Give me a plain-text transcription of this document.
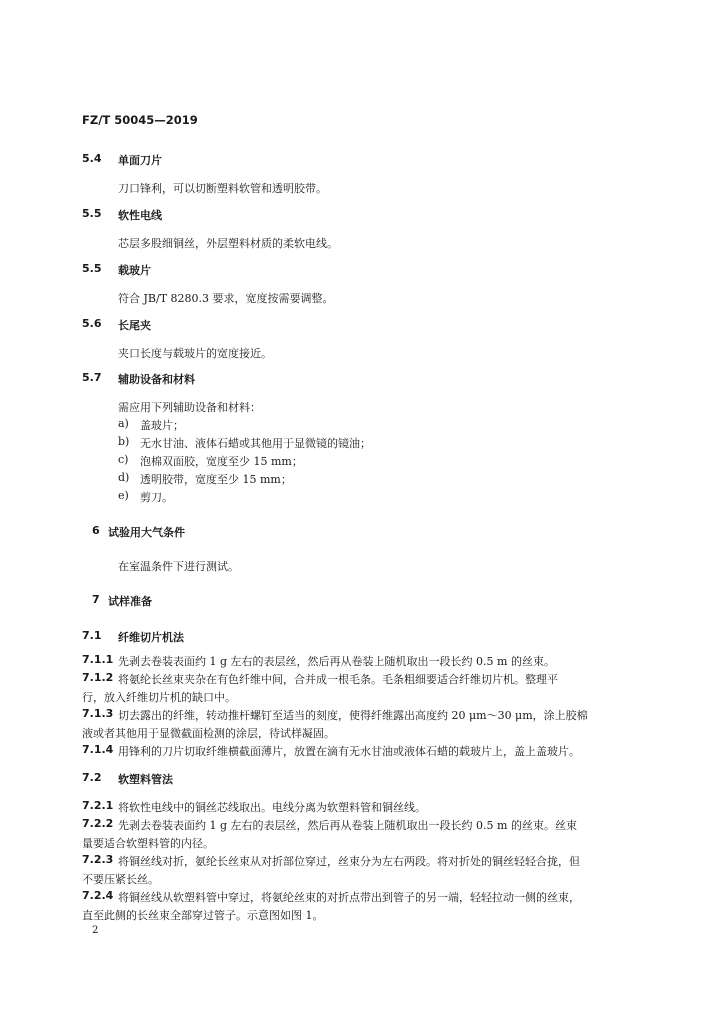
FZ/T 50045—2019
5.4 单面刀片
刀口锋利，可以切断塑料软管和透明胶带。
5.5 软性电线
芯层多股细铜丝，外层塑料材质的柔软电线。
5.5 载玻片
符合 JB/T 8280.3 要求，宽度按需要调整。
5.6 长尾夹
夹口长度与载玻片的宽度接近。
5.7 辅助设备和材料
需应用下列辅助设备和材料：
a) 盖玻片；
b) 无水甘油、液体石蜡或其他用于显微镜的镜油；
c) 泡棉双面胶，宽度至少 15 mm；
d) 透明胶带，宽度至少 15 mm；
e) 剪刀。
6 试验用大气条件
在室温条件下进行测试。
7 试样准备
7.1 纤维切片机法
7.1.1 先剥去卷装表面约 1 g 左右的表层丝，然后再从卷装上随机取出一段长约 0.5 m 的丝束。
7.1.2 将氨纶长丝束夹杂在有色纤维中间，合并成一根毛条。毛条粗细要适合纤维切片机。整理平
行，放入纤维切片机的缺口中。
7.1.3 切去露出的纤维，转动推杆螺钉至适当的刻度，使得纤维露出高度约 20 μm～30 μm，涂上胶棉
液或者其他用于显微截面检测的涂层，待试样凝固。
7.1.4 用锋利的刀片切取纤维横截面薄片，放置在滴有无水甘油或液体石蜡的载玻片上，盖上盖玻片。
7.2 软塑料管法
7.2.1 将软性电线中的铜丝芯线取出。电线分离为软塑料管和铜丝线。
7.2.2 先剥去卷装表面约 1 g 左右的表层丝，然后再从卷装上随机取出一段长约 0.5 m 的丝束。丝束
量要适合软塑料管的内径。
7.2.3 将铜丝线对折，氨纶长丝束从对折部位穿过，丝束分为左右两段。将对折处的铜丝轻轻合拢，但
不要压紧长丝。
7.2.4 将铜丝线从软塑料管中穿过，将氨纶丝束的对折点带出到管子的另一端，轻轻拉动一侧的丝束，
直至此侧的长丝束全部穿过管子。示意图如图 1。
2
